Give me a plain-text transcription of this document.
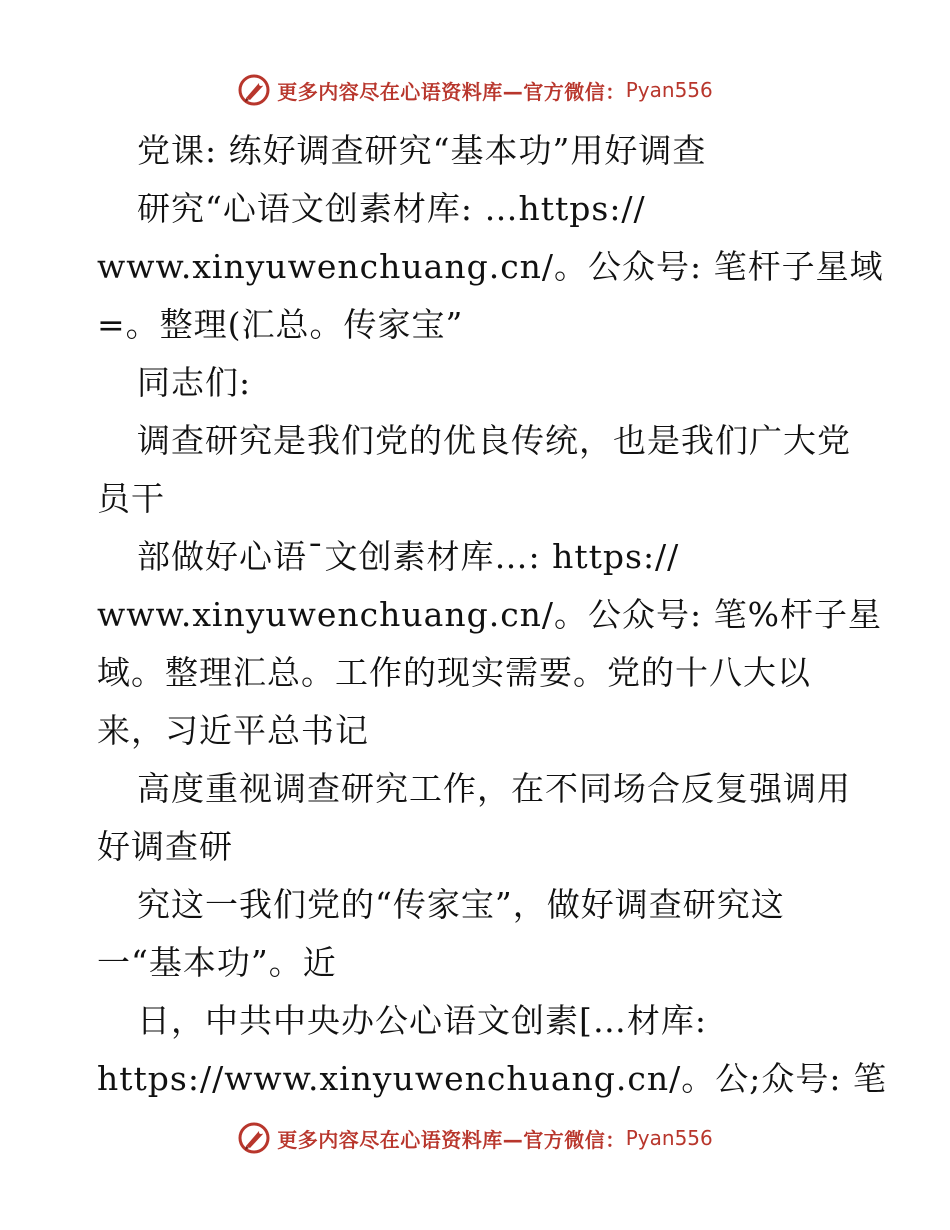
更多内容尽在心语资料库—官方微信： Pyan556
党课: 练好调查研究“基本功”用好调查
研究“心语文创素材库: …https://
www.xinyuwenchuang.cn/。公众号: 笔杆子星域
=。整理(汇总。传家宝”
同志们:
调查研究是我们党的优良传统，也是我们广大党
员干
部做好心语¯文创素材库…: https://
www.xinyuwenchuang.cn/。公众号: 笔%杆子星
域。整理汇总。工作的现实需要。党的十八大以
来，习近平总书记
高度重视调查研究工作，在不同场合反复强调用
好调查研
究这一我们党的“传家宝”，做好调查研究这
一“基本功”。近
日，中共中央办公心语文创素[…材库:
https://www.xinyuwenchuang.cn/。公;众号: 笔
更多内容尽在心语资料库—官方微信： Pyan556
